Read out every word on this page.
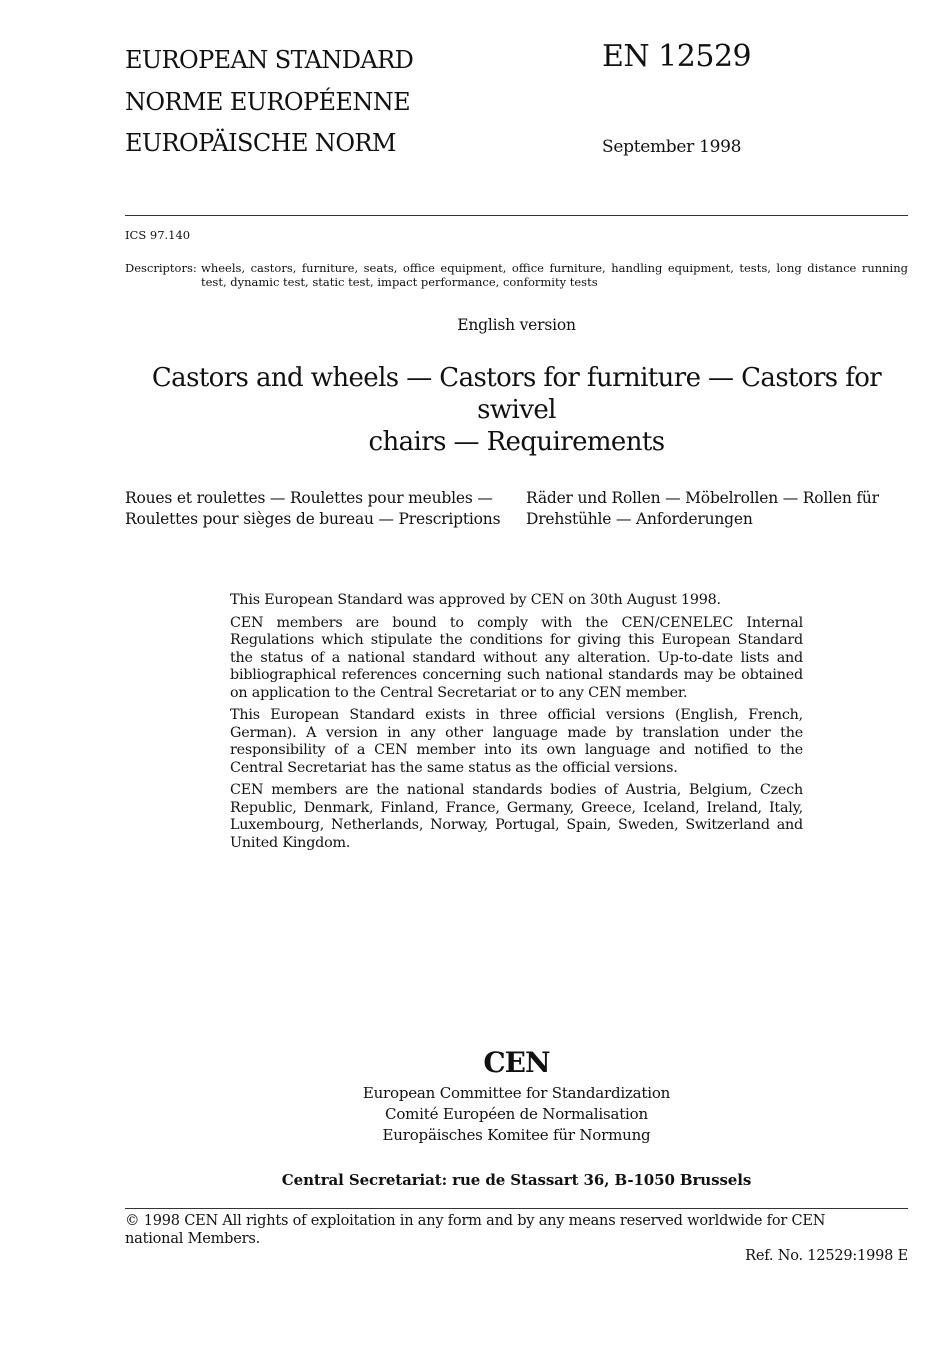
EUROPEAN STANDARD
NORME EUROPÉENNE
EUROPÄISCHE NORM
EN 12529
September 1998
ICS 97.140
Descriptors: wheels, castors, furniture, seats, office equipment, office furniture, handling equipment, tests, long distance running test, dynamic test, static test, impact performance, conformity tests
English version
Castors and wheels — Castors for furniture — Castors for swivel
chairs — Requirements
Roues et roulettes — Roulettes pour meubles —
Roulettes pour sièges de bureau — Prescriptions
Räder und Rollen — Möbelrollen — Rollen für
Drehstühle — Anforderungen

This European Standard was approved by CEN on 30th August 1998.

CEN members are bound to comply with the CEN/CENELEC Internal Regulations which stipulate the conditions for giving this European Standard the status of a national standard without any alteration. Up-to-date lists and bibliographical references concerning such national standards may be obtained on application to the Central Secretariat or to any CEN member.

This European Standard exists in three official versions (English, French, German). A version in any other language made by translation under the responsibility of a CEN member into its own language and notified to the Central Secretariat has the same status as the official versions.

CEN members are the national standards bodies of Austria, Belgium, Czech Republic, Denmark, Finland, France, Germany, Greece, Iceland, Ireland, Italy, Luxembourg, Netherlands, Norway, Portugal, Spain, Sweden, Switzerland and United Kingdom.

CEN
European Committee for Standardization
Comité Européen de Normalisation
Europäisches Komitee für Normung
Central Secretariat: rue de Stassart 36, B-1050 Brussels
© 1998 CEN All rights of exploitation in any form and by any means reserved worldwide for CEN national Members.
Ref. No. 12529:1998 E
